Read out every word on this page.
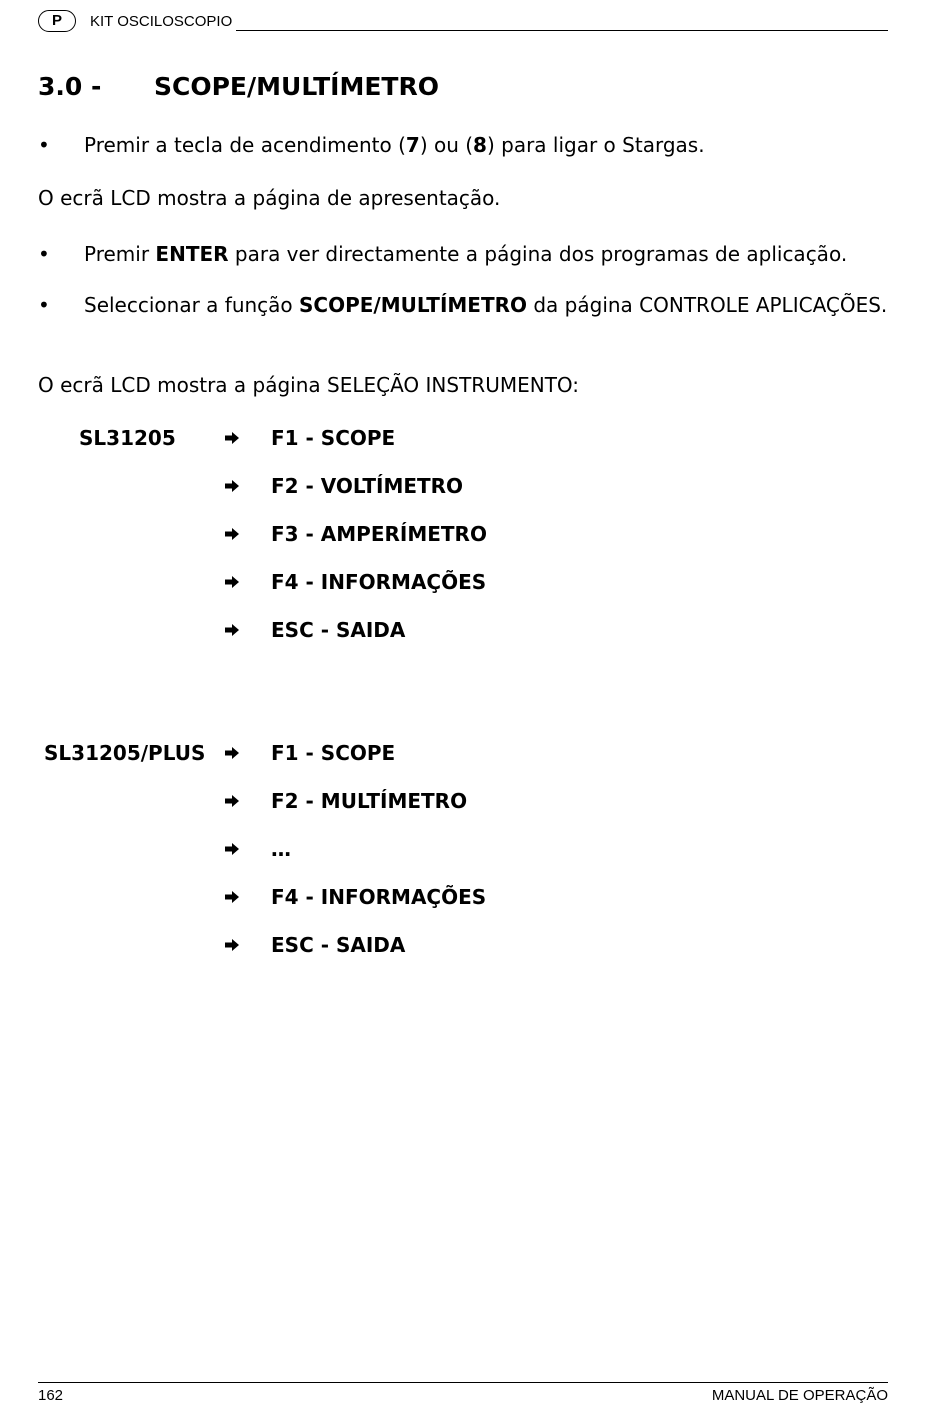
P	KIT OSCILOSCOPIO
3.0 - SCOPE/MULTÍMETRO
• Premir a tecla de acendimento (7) ou (8) para ligar o Stargas.
O ecrã LCD mostra a página de apresentação.
• Premir ENTER para ver directamente a página dos programas de aplicação.
• Seleccionar a função SCOPE/MULTÍMETRO da página CONTROLE APLICAÇÕES.
O ecrã LCD mostra a página SELEÇÃO INSTRUMENTO:
SL31205	F1 - SCOPE
F2 - VOLTÍMETRO
F3 - AMPERÍMETRO
F4 - INFORMAÇÕES
ESC - SAIDA
SL31205/PLUS	F1 - SCOPE
F2 - MULTÍMETRO
…
F4 - INFORMAÇÕES
ESC - SAIDA
162	MANUAL DE OPERAÇÃO
